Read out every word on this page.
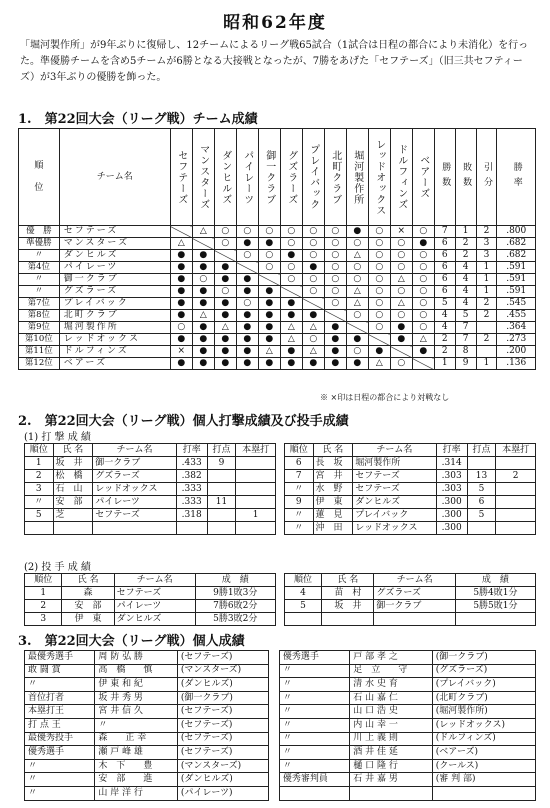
昭和62年度
「堀河製作所」が9年ぶりに復帰し、12チームによるリーグ戦65試合（1試合は日程の都合により未消化）を行った。準優勝チームを含め5チームが6勝となる大接戦となったが、7勝をあげた「セフテーズ」（旧三共セフティーズ）が3年ぶりの優勝を飾った。
1.　第22回大会（リーグ戦）チーム成績
順

位	チーム名	セフテーズ	マンスターズ	ダンヒルズ	パイレーツ	御一クラブ	グズラーズ	プレイバック	北町クラブ	堀河製作所	レッドオックス	ドルフィンズ	ベアーズ	勝数	敗数	引分	勝率
優　勝	セフテーズ		△	○	○	○	○	○	○	●	○	×	○	7	1	2	.800
準優勝	マンスターズ	△		○	●	●	○	○	○	○	○	○	●	6	2	3	.682
〃	ダンヒルズ	●	●		○	○	●	○	○	△	○	○	○	6	2	3	.682
第4位	パイレーツ	●	●	●		○	○	●	○	○	○	○	○	6	4	1	.591
〃	御一クラブ	●	○	●	●		○	○	○	○	○	△	○	6	4	1	.591
〃	グズラーズ	●	●	○	●	●		○	○	△	○	○	○	6	4	1	.591
第7位	プレイバック	●	●	●	○	●	●		○	△	○	△	○	5	4	2	.545
第8位	北町クラブ	●	△	●	●	●	●	●		○	○	○	○	4	5	2	.455
第9位	堀河製作所	○	●	△	●	●	△	△	●		○	●	○	4	7		.364
第10位	レッドオックス	●	●	●	●	●	△	○	●	●		●	△	2	7	2	.273
第11位	ドルフィンズ	×	●	●	●	△	●	△	●	○	●		●	2	8		.200
第12位	ベアーズ	●	●	●	●	●	●	●	●	●	△	○		1	9	1	.136
※ ×印は日程の都合により対戦なし
2.　第22回大会（リーグ戦）個人打撃成績及び投手成績
(1) 打 撃 成 績
順位	氏 名	チーム名	打率	打点	本塁打		順位	氏 名	チーム名	打率	打点	本塁打
1	坂　井	御一クラブ	.433	9			6	長　坂	堀河製作所	.314		
2	松　橋	グズラーズ	.382				7	宮　井	セフテーズ	.303	13	2
3	石　山	レッドオックス	.333				〃	水　野	セフテーズ	.303	5	
〃	安　部	パイレーツ	.333	11			9	伊　東	ダンヒルズ	.300	6	
5	芝	セフテーズ	.318		1		〃	蓮　見	プレイバック	.300	5	
							〃	沖　田	レッドオックス	.300		
(2) 投 手 成 績
順位	氏 名	チーム名	成　績		順位	氏 名	チーム名	成　績
1	森	セフテーズ	9勝1敗3分		4	苗　村	グズラーズ	5勝4敗1分
2	安　部	パイレーツ	7勝6敗2分		5	坂　井	御一クラブ	5勝5敗1分
3	伊　東	ダンヒルズ	5勝3敗2分					
3.　第22回大会（リーグ戦）個人成績
最優秀選手	周 防 弘 勝	(セフテーズ)		優秀選手	戸 部 孝 之	(御一クラブ)
敢 闘 賞	高　橋　　慎	(マンスターズ)		〃	足　立　　守	(グズラーズ)
〃	伊 東 和 紀	(ダンヒルズ)		〃	清 水 史 育	(プレイバック)
首位打者	坂 井 秀 男	(御一クラブ)		〃	石 山 嘉 仁	(北町クラブ)
本塁打王	宮 井 信 久	(セフテーズ)		〃	山 口 浩 史	(堀河製作所)
打 点 王	〃	(セフテーズ)		〃	内 山 幸 一	(レッドオックス)
最優秀投手	森　　正 幸	(セフテーズ)		〃	川 上 義 則	(ドルフィンズ)
優秀選手	瀬 戸 峰 雄	(セフテーズ)		〃	酒 井 佳 延	(ベアーズ)
〃	木　下　　豊	(マンスターズ)		〃	樋 口 隆 行	(クールス)
〃	安　部　　進	(ダンヒルズ)		優秀審判員	石 井 嘉 男	(審 判 部)
〃	山 岸 洋 行	(パイレーツ)				
